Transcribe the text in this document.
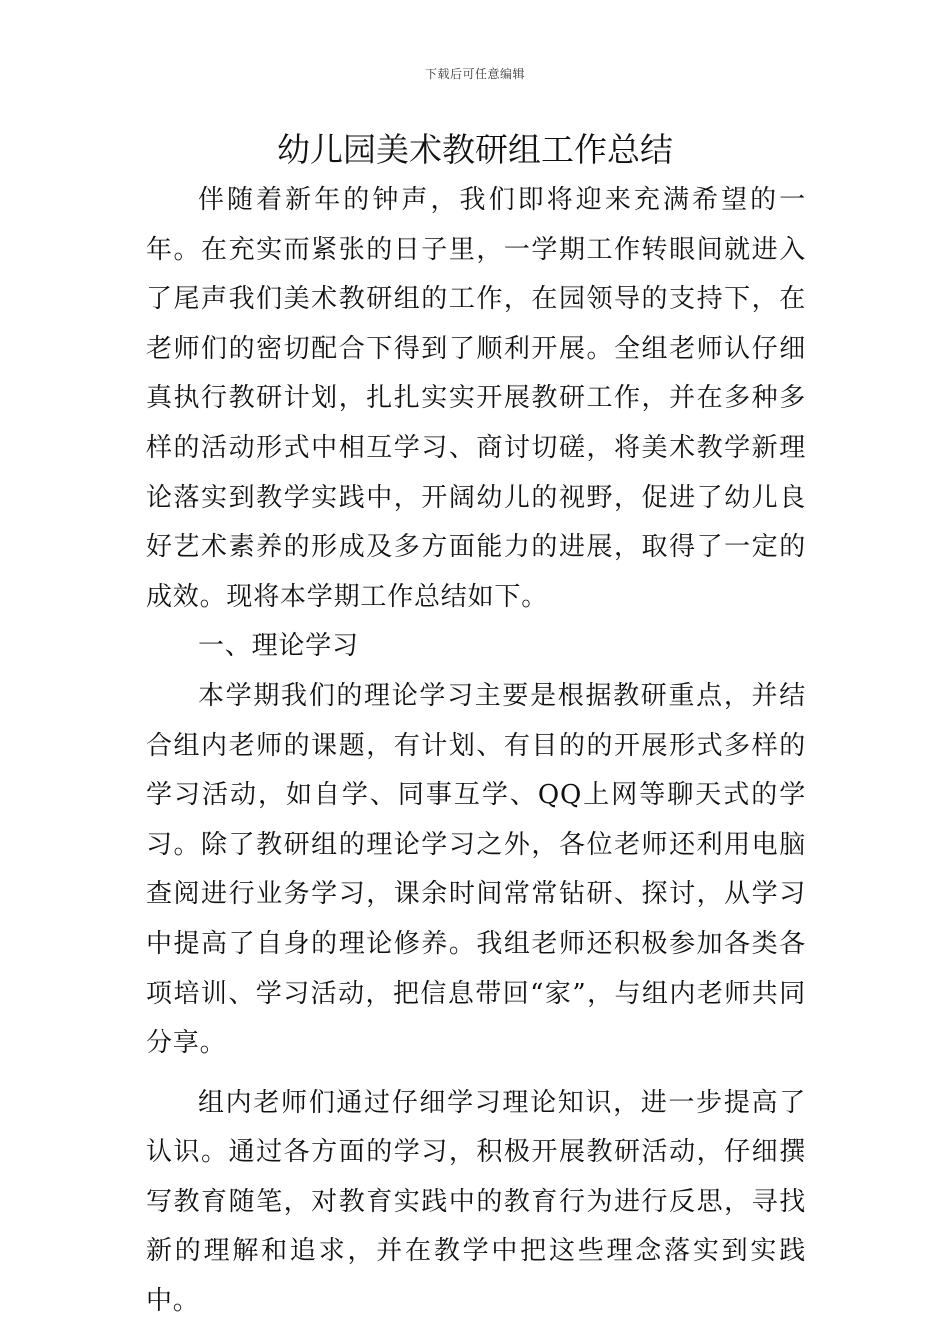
下载后可任意编辑
幼儿园美术教研组工作总结

伴随着新年的钟声，我们即将迎来充满希望的一年。在充实而紧张的日子里，一学期工作转眼间就进入了尾声我们美术教研组的工作，在园领导的支持下，在老师们的密切配合下得到了顺利开展。全组老师认仔细真执行教研计划，扎扎实实开展教研工作，并在多种多样的活动形式中相互学习、商讨切磋，将美术教学新理论落实到教学实践中，开阔幼儿的视野，促进了幼儿良好艺术素养的形成及多方面能力的进展，取得了一定的成效。现将本学期工作总结如下。

一、理论学习

本学期我们的理论学习主要是根据教研重点，并结合组内老师的课题，有计划、有目的的开展形式多样的学习活动，如自学、同事互学、QQ上网等聊天式的学习。除了教研组的理论学习之外，各位老师还利用电脑查阅进行业务学习，课余时间常常钻研、探讨，从学习中提高了自身的理论修养。我组老师还积极参加各类各项培训、学习活动，把信息带回“家”，与组内老师共同分享。

组内老师们通过仔细学习理论知识，进一步提高了认识。通过各方面的学习，积极开展教研活动，仔细撰写教育随笔，对教育实践中的教育行为进行反思，寻找新的理解和追求，并在教学中把这些理念落实到实践中。
